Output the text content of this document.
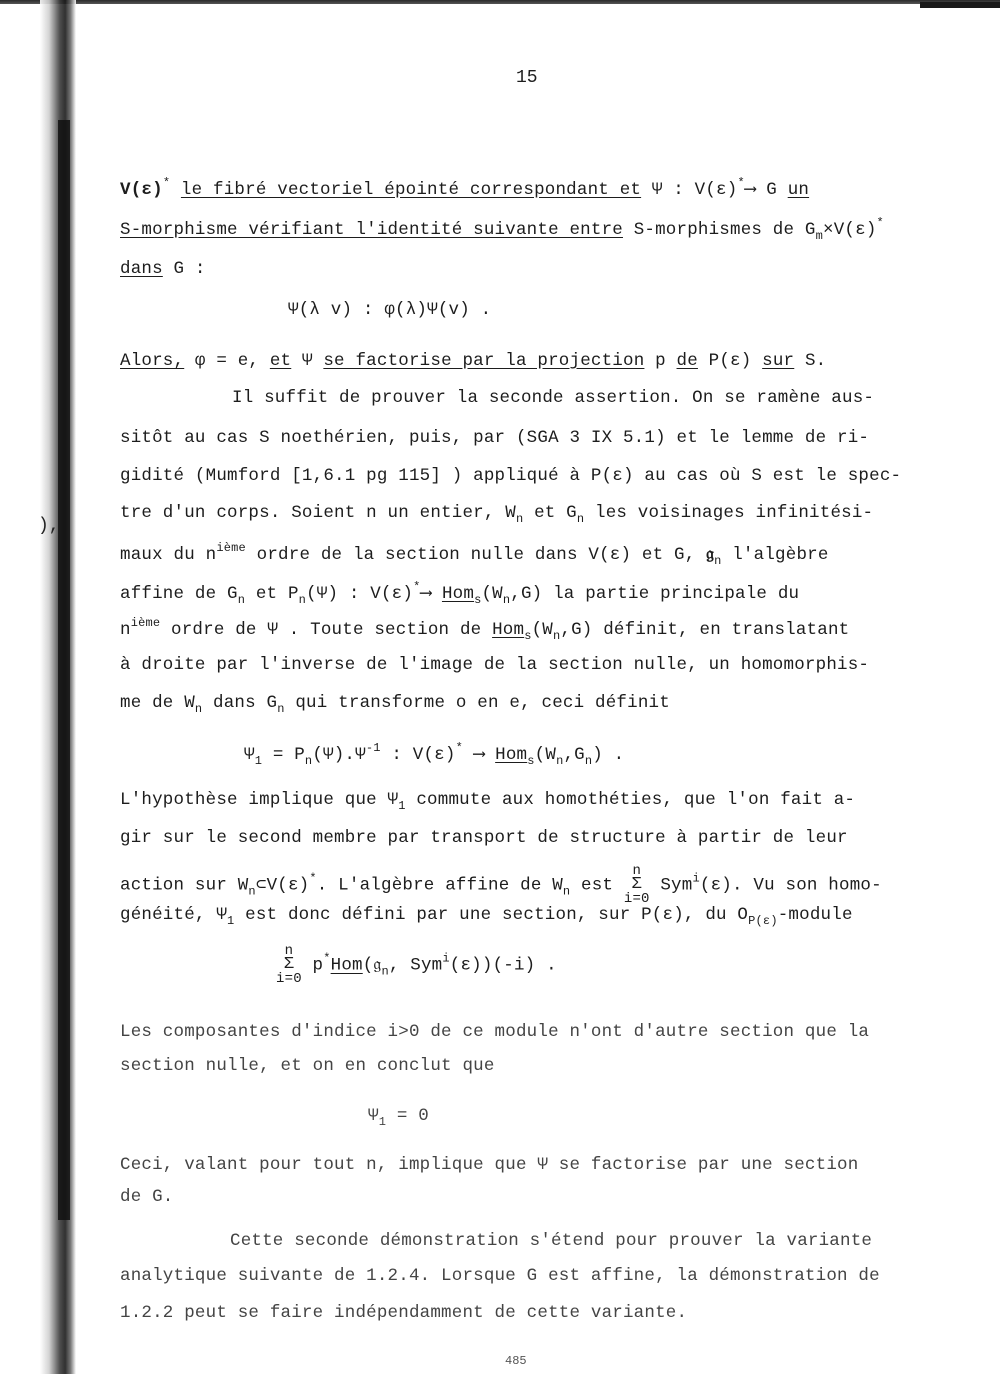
),
15
V(ε)* le fibré vectoriel épointé correspondant et Ψ : V(ε)*⟶ G un
S-morphisme vérifiant l'identité suivante entre S-morphismes de $G_m\times V(\varepsilon)^*$
dans G :
Ψ(λ v) : φ(λ)Ψ(v) .
Alors, φ = e, et Ψ se factorise par la projection p de P(ε) sur S.
Il suffit de prouver la seconde assertion. On se ramène aus-
sitôt au cas S noethérien, puis, par (SGA 3 IX 5.1) et le lemme de ri-
gidité (Mumford [1,6.1 pg 115] ) appliqué à P(ε) au cas où S est le spec-
tre d'un corps. Soient n un entier, $W_n$ et $G_n$ les voisinages infinitési-
maux du $n^{ième}$ ordre de la section nulle dans V(ε) et G, 𝔤$_n$ l'algèbre
affine de $G_n$ et $P_n(\Psi)$ : V(ε)*⟶ $Hom_s(W_n,G)$ la partie principale du
$n^{ième}$ ordre de Ψ . Toute section de $Hom_s(W_n,G)$ définit, en translatant
à droite par l'inverse de l'image de la section nulle, un homomorphis-
me de $W_n$ dans $G_n$ qui transforme o en e, ceci définit
$\Psi_1 = P_n(\Psi).\Psi^{-1}$ : V(ε)* ⟶ $Hom_s(W_n,G_n)$ .
L'hypothèse implique que $\Psi_1$ commute aux homothéties, que l'on fait a-
gir sur le second membre par transport de structure à partir de leur
action sur $W_n\subset V(\varepsilon)^*$. L'algèbre affine de $W_n$ est n
Σ
i=0 Sym$^i$(ε). Vu son homo-
généité, $\Psi_1$ est donc défini par une section, sur P(ε), du $O_{P(\varepsilon)}$-module
n
Σ
i=0 p*Hom(𝔤$_n$, Sym$^i$(ε))(-i) .
Les composantes d'indice i>0 de ce module n'ont d'autre section que la
section nulle, et on en conclut que
$\Psi_1 = 0$
Ceci, valant pour tout n, implique que Ψ se factorise par une section
de G.
Cette seconde démonstration s'étend pour prouver la variante
analytique suivante de 1.2.4. Lorsque G est affine, la démonstration de
1.2.2 peut se faire indépendamment de cette variante.
485
